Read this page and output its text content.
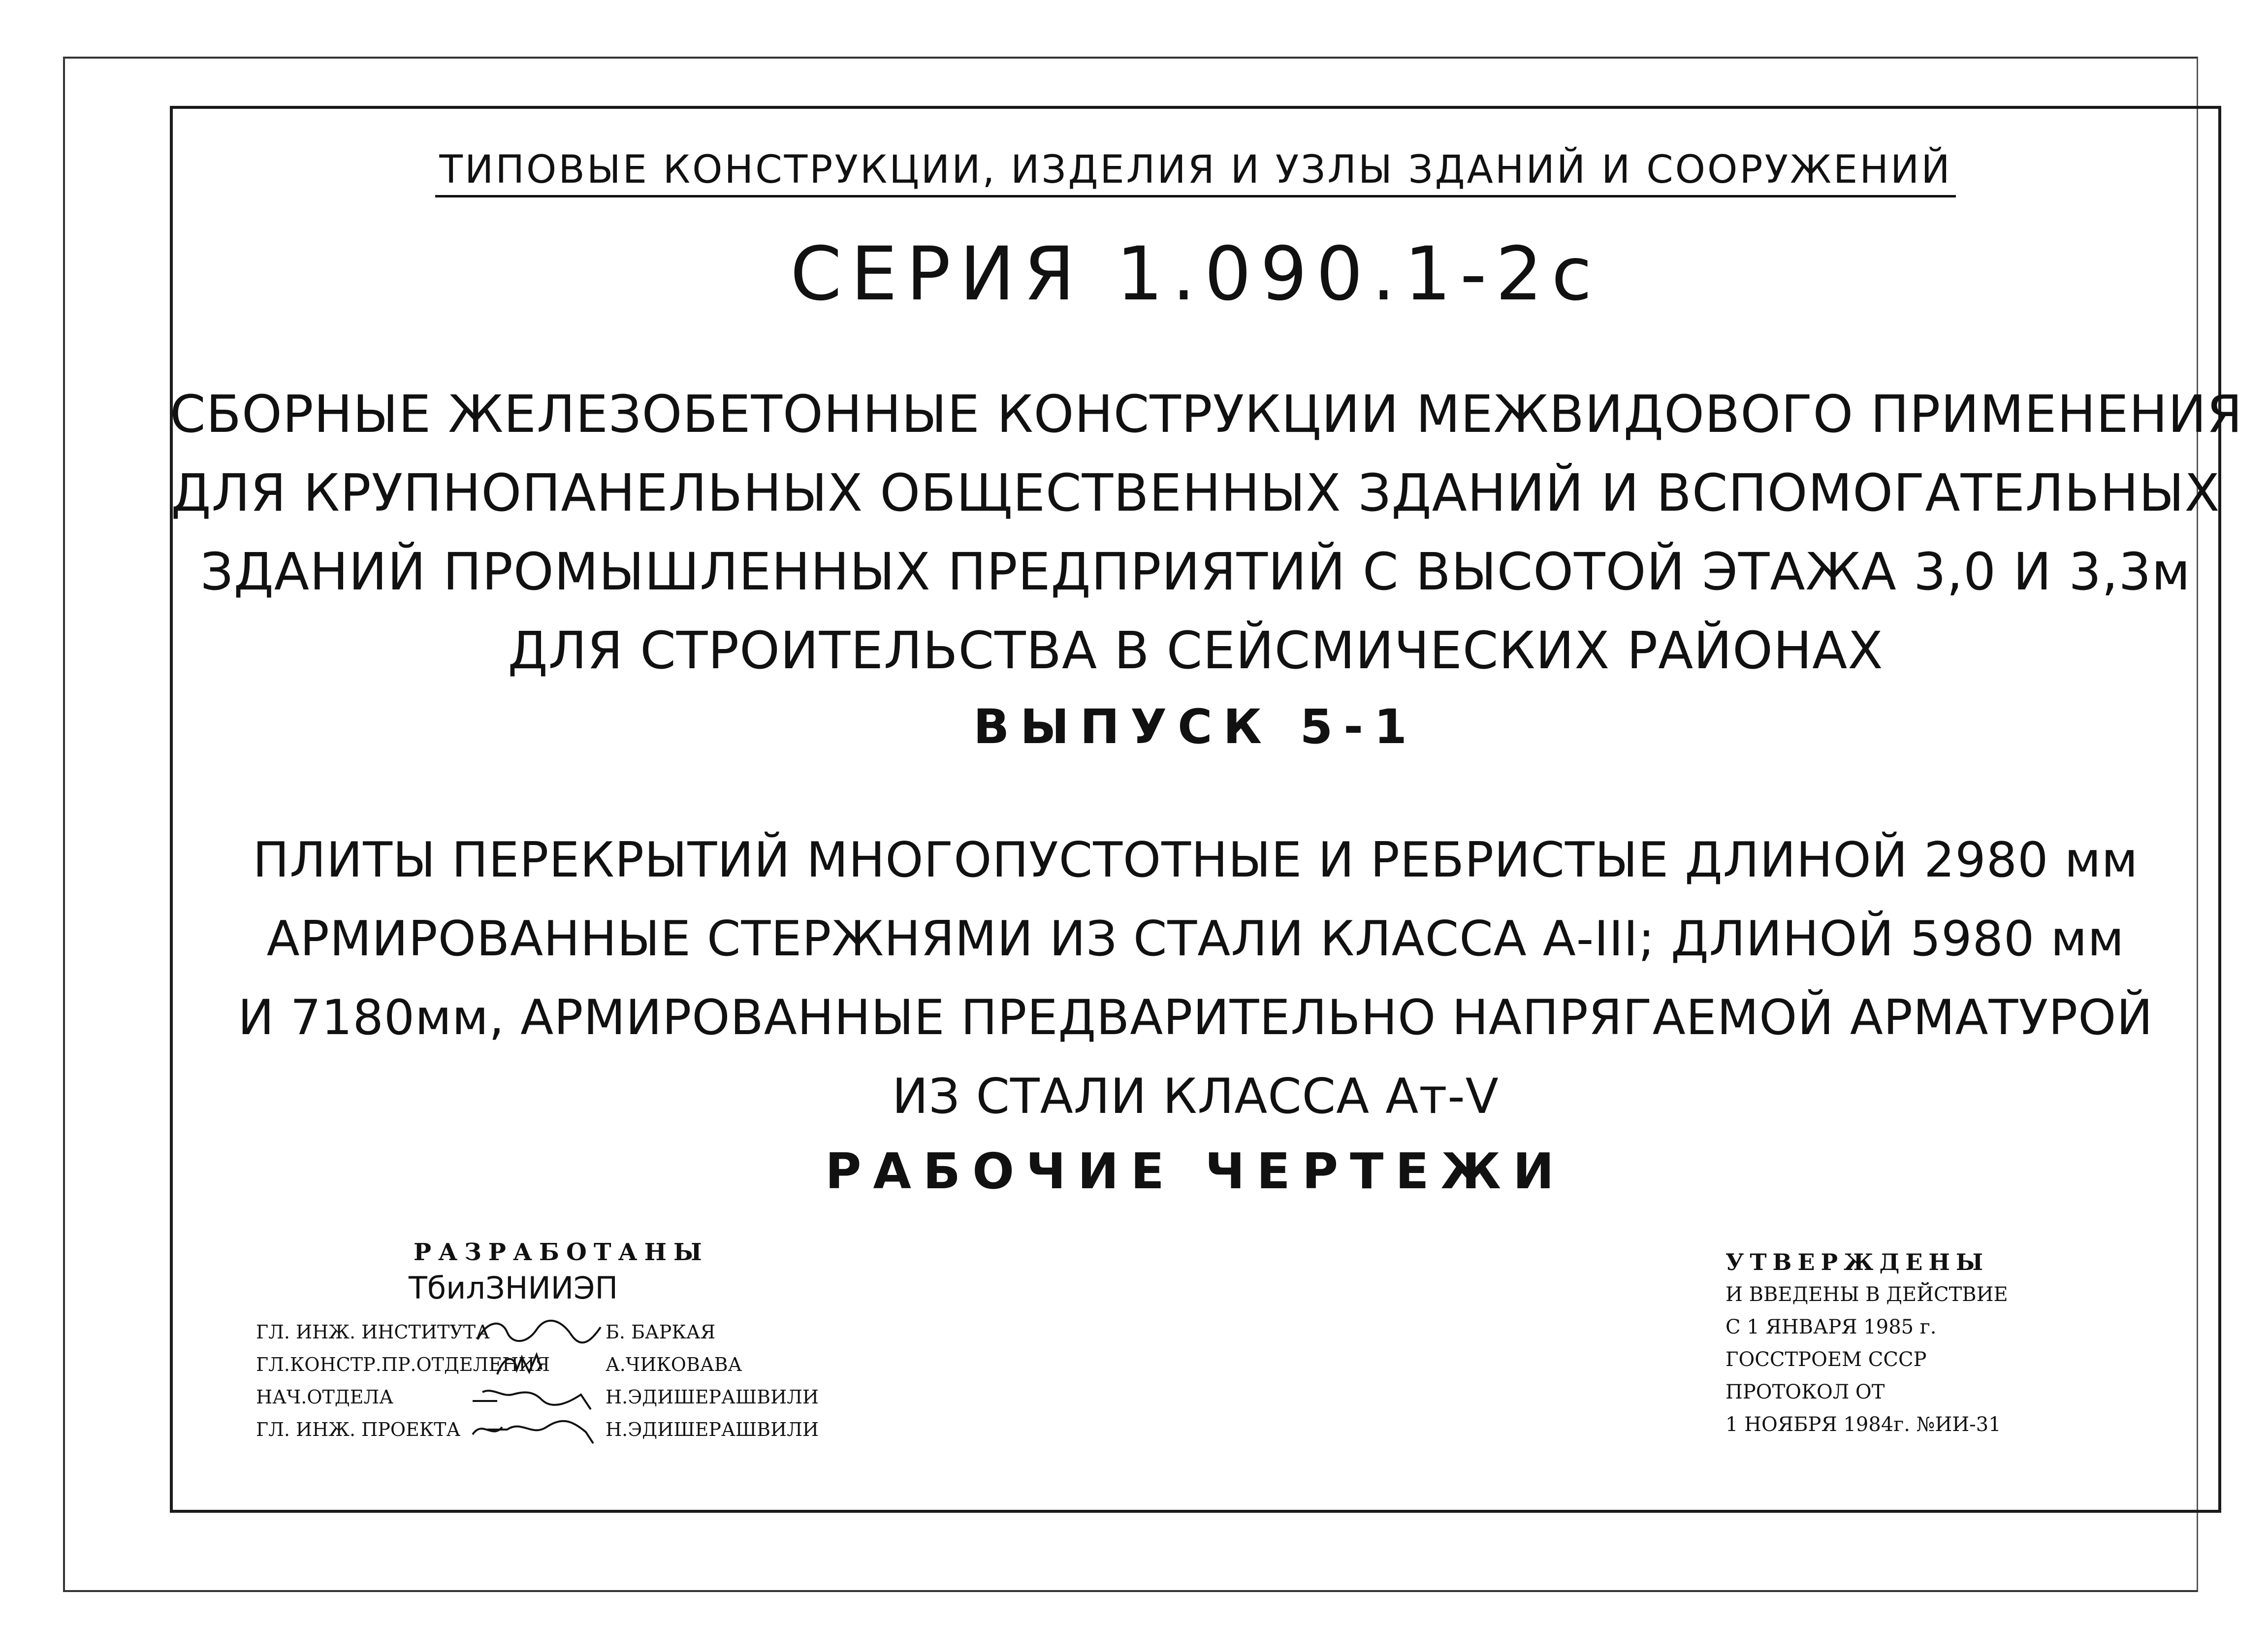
ТИПОВЫЕ КОНСТРУКЦИИ, ИЗДЕЛИЯ И УЗЛЫ ЗДАНИЙ И СООРУЖЕНИЙ
СЕРИЯ 1.090.1-2с
СБОРНЫЕ ЖЕЛЕЗОБЕТОННЫЕ КОНСТРУКЦИИ МЕЖВИДОВОГО ПРИМЕНЕНИЯ
ДЛЯ КРУПНОПАНЕЛЬНЫХ ОБЩЕСТВЕННЫХ ЗДАНИЙ И ВСПОМОГАТЕЛЬНЫХ
ЗДАНИЙ ПРОМЫШЛЕННЫХ ПРЕДПРИЯТИЙ С ВЫСОТОЙ ЭТАЖА 3,0 И 3,3м
ДЛЯ СТРОИТЕЛЬСТВА В СЕЙСМИЧЕСКИХ РАЙОНАХ
ВЫПУСК 5-1
ПЛИТЫ ПЕРЕКРЫТИЙ МНОГОПУСТОТНЫЕ И РЕБРИСТЫЕ ДЛИНОЙ 2980 мм
АРМИРОВАННЫЕ СТЕРЖНЯМИ ИЗ СТАЛИ КЛАССА А-III; ДЛИНОЙ 5980 мм
И 7180мм, АРМИРОВАННЫЕ ПРЕДВАРИТЕЛЬНО НАПРЯГАЕМОЙ АРМАТУРОЙ
ИЗ СТАЛИ КЛАССА Ат-V
РАБОЧИЕ ЧЕРТЕЖИ
РАЗРАБОТАНЫ
ТбилЗНИИЭП
ГЛ. ИНЖ. ИНСТИТУТА	Б. БАРКАЯ
ГЛ.КОНСТР.ПР.ОТДЕЛЕНИЯ	А.ЧИКОВАВА
НАЧ.ОТДЕЛА	Н.ЭДИШЕРАШВИЛИ
ГЛ. ИНЖ. ПРОЕКТА	Н.ЭДИШЕРАШВИЛИ
УТВЕРЖДЕНЫ
И ВВЕДЕНЫ В ДЕЙСТВИЕ
С 1 ЯНВАРЯ 1985 г.
ГОССТРОЕМ СССР
ПРОТОКОЛ ОТ
1 НОЯБРЯ 1984г. №ИИ-31
